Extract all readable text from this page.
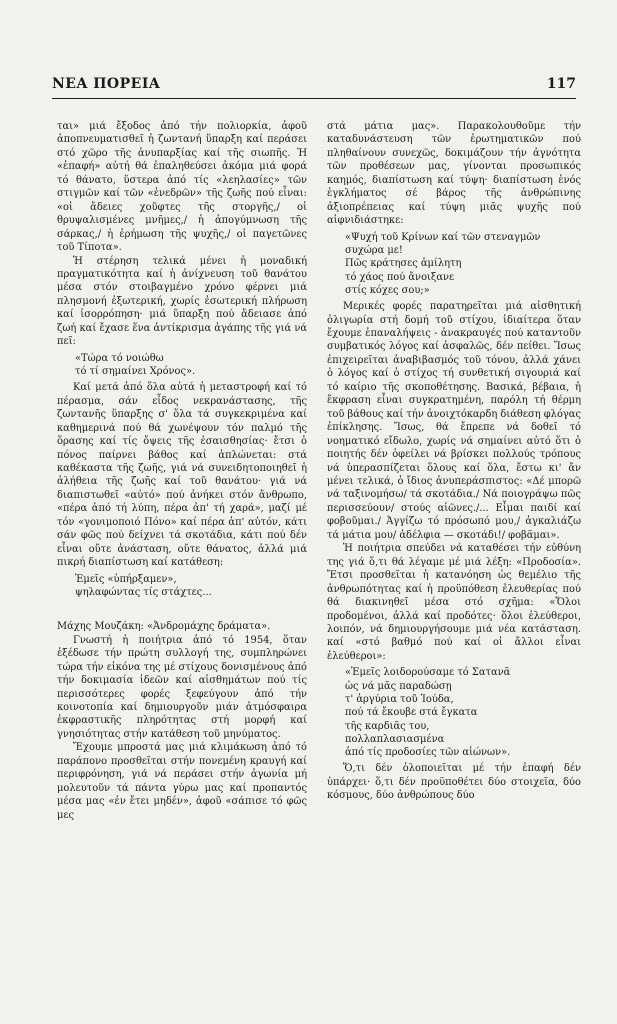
ΝΕΑ ΠΟΡΕΙΑ	117

ται» μιά ἔξοδος ἀπό τήν πολιορκία, ἀφοῦ ἀποπνευματισθεῖ ἡ ζωντανή ὕπαρξη καί περάσει στό χῶρο τῆς ἀνυπαρξίας καί τῆς σιωπῆς. Ἡ «ἐπαφή» αὐτή θά ἐπαληθεύσει ἀκόμα μιά φορά τό θάνατο, ὕστερα ἀπό τίς «λεηλασίες» τῶν στιγμῶν καί τῶν «ἐνεδρῶν» τῆς ζωῆς πού εἶναι: «οἱ ἄδειες χοῦφτες τῆς στοργῆς,/ οἱ θρυψαλισμένες μνῆμες,/ ἡ ἀπογύμνωση τῆς σάρκας,/ ἡ ἐρήμωση τῆς ψυχῆς,/ οἱ παγετῶνες τοῦ Τίποτα».

Ἡ στέρηση τελικά μένει ἡ μοναδική πραγματικότητα καί ἡ ἀνίχνευση τοῦ θανάτου μέσα στόν στοιβαγμένο χρόνο φέρνει μιά πλησμονή ἐξωτερική, χωρίς ἐσωτερική πλήρωση καί ἰσορρόπηση· μιά ὕπαρξη πού ἄδειασε ἀπό ζωή καί ἔχασε ἕνα ἀντίκρισμα ἀγάπης τῆς γιά νά πεῖ:

«Τώρα τό νοιώθω
τό τί σημαίνει Χρόνος».

Καί μετά ἀπό ὅλα αὐτά ἡ μεταστροφή καί τό πέρασμα, σάν εἶδος νεκρανάστασης, τῆς ζωντανῆς ὕπαρξης σ' ὅλα τά συγκεκριμένα καί καθημερινά πού θά χωνέψουν τόν παλμό τῆς ὅρασης καί τίς ὄψεις τῆς ἐσαισθησίας· ἔτσι ὁ πόνος παίρνει βάθος καί ἁπλώνεται: στά καθέκαστα τῆς ζωῆς, γιά νά συνειδητοποιηθεῖ ἡ ἀλήθεια τῆς ζωῆς καί τοῦ θανάτου· γιά νά διαπιστωθεῖ «αὐτό» πού ἀνήκει στόν ἄνθρωπο, «πέρα ἀπό τή λύπη, πέρα ἀπ' τή χαρά», μαζί μέ τόν «γονιμοποιό Πόνο» καί πέρα ἀπ' αὐτόν, κάτι σάν φῶς πού δείχνει τά σκοτάδια, κάτι πού δέν εἶναι οὔτε ἀνάσταση, οὔτε θάνατος, ἀλλά μιά πικρή διαπίστωση καί κατάθεση:

Ἐμεῖς «ὑπήρξαμεν»,
ψηλαφώντας τίς στάχτες...

Μάχης Μουζάκη: «Ἀνδρομάχης δράματα».

Γνωστή ἡ ποιήτρια ἀπό τό 1954, ὅταν ἐξέδωσε τήν πρώτη συλλογή της, συμπληρώνει τώρα τήν εἰκόνα της μέ στίχους δονισμένους ἀπό τήν δοκιμασία ἰδεῶν καί αἰσθημάτων πού τίς περισσότερες φορές ξεφεύγουν ἀπό τήν κοινοτοπία καί δημιουργοῦν μιάν ἀτμόσφαιρα ἐκφραστικῆς πληρότητας στή μορφή καί γνησιότητας στήν κατάθεση τοῦ μηνύματος.

Ἔχουμε μπροστά μας μιά κλιμάκωση ἀπό τό παράπονο προσθεῖται στήν πονεμένη κραυγή καί περιφρόνηση, γιά νά περάσει στήν ἀγωνία μή μολευτοῦν τά πάντα γύρω μας καί προπαντός μέσα μας «ἐν ἔτει μηδέν», ἀφοῦ «σάπισε τό φῶς μες

στά μάτια μας». Παρακολουθοῦμε τήν καταδυνάστευση τῶν ἐρωτηματικῶν πού πληθαίνουν συνεχῶς, δοκιμάζουν τήν ἀγνότητα τῶν προθέσεων μας, γίνονται προσωπικός καημός, διαπίστωση καί τύψη· διαπίστωση ἑνός ἐγκλήματος σέ βάρος τῆς ἀνθρώπινης ἀξιοπρέπειας καί τύψη μιᾶς ψυχῆς πού αἰφνιδιάστηκε:

«Ψυχή τοῦ Κρίνων καί τῶν στεναγμῶν
συχώρα με!
Πῶς κράτησες ἀμίλητη
τό χάος πού ἄνοιξανε
στίς κόχες σου;»

Μερικές φορές παρατηρεῖται μιά αἰσθητική ὀλιγωρία στή δομή τοῦ στίχου, ἰδιαίτερα ὅταν ἔχουμε ἐπαναλήψεις - ἀνακραυγές πού καταντοῦν συμβατικός λόγος καί ἀσφαλῶς, δέν πείθει. Ἴσως ἐπιχειρεῖται ἀναβιβασμός τοῦ τόνου, ἀλλά χάνει ὁ λόγος καί ὁ στίχος τή συνθετική σιγουριά καί τό καίριο τῆς σκοποθέτησης. Βασικά, βέβαια, ἡ ἔκφραση εἶναι συγκρατημένη, παρόλη τή θέρμη τοῦ βάθους καί τήν ἀνοιχτόκαρδη διάθεση φλόγας ἐπίκλησης. Ἴσως, θά ἔπρεπε νά δοθεῖ τό νοηματικό εἴδωλο, χωρίς νά σημαίνει αὐτό ὅτι ὁ ποιητής δέν ὀφείλει νά βρίσκει πολλούς τρόπους νά ὑπερασπίζεται ὅλους καί ὅλα, ἔστω κι' ἄν μένει τελικά, ὁ ἴδιος ἀνυπεράσπιστος: «Δέ μπορῶ νά ταξινομήσω/ τά σκοτάδια./ Νά ποιογράψω πῶς περισσεύουν/ στούς αἰῶνες./... Εἶμαι παιδί καί φοβοῦμαι./ Ἀγγίζω τό πρόσωπό μου,/ ἀγκαλιάζω τά μάτια μου/ ἀδέλφια — σκοτάδι!/ φοβᾶμαι».

Ἡ ποιήτρια σπεύδει νά καταθέσει τήν εὐθύνη της γιά ὅ,τι θά λέγαμε μέ μιά λέξη: «Προδοσία». Ἔτσι προσθεῖται ἡ κατανόηση ὡς θεμέλιο τῆς ἀνθρωπότητας καί ἡ προϋπόθεση ἐλευθερίας πού θά διακινηθεῖ μέσα στό σχῆμα: «Ὅλοι προδομένοι, ἀλλά καί προδότες· ὅλοι ἐλεύθεροι, λοιπόν, νά δημιουργήσουμε μιά νέα κατάσταση. καί «στό βαθμό πού καί οἱ ἄλλοι εἶναι ἐλεύθεροι»:

«Ἐμεῖς λοιδορούσαμε τό Σατανᾶ
ὡς νά μᾶς παραδώσῃ
τ' ἀργύρια τοῦ Ἰούδα,
πού τά ἔκουβε στά ἔγκατα
τῆς καρδιᾶς του,
πολλαπλασιασμένα
ἀπό τίς προδοσίες τῶν αἰώνων».

Ὅ,τι δέν ὁλοποιεῖται μέ τήν ἐπαφή δέν ὑπάρχει· ὅ,τι δέν προϋποθέτει δύο στοιχεῖα, δύο κόσμους, δύο ἀνθρώπους δύο
